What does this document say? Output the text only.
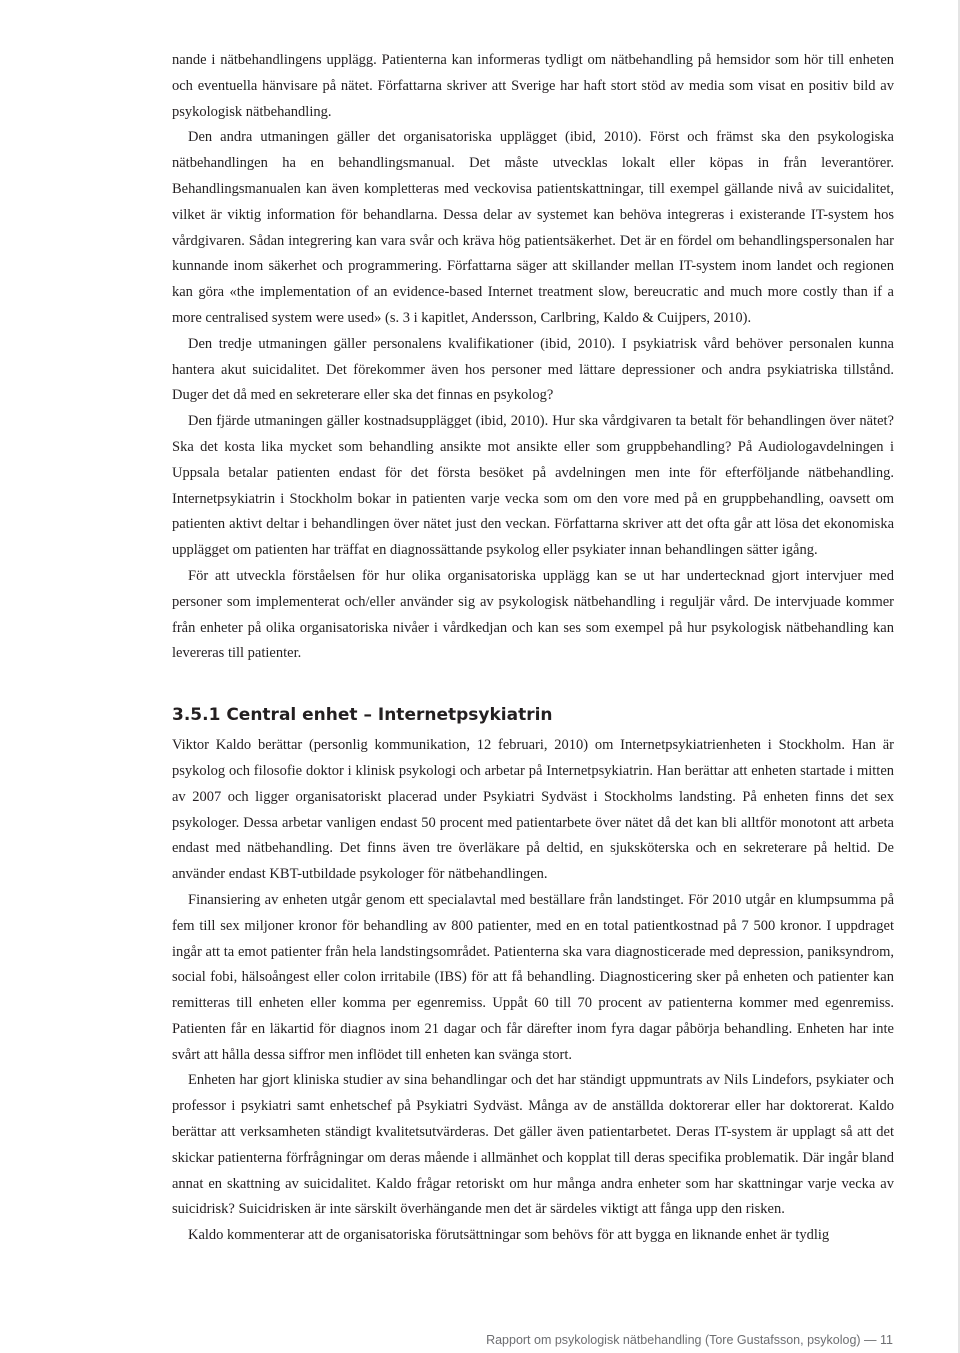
nande i nätbehandlingens upplägg. Patienterna kan informeras tydligt om nätbehandling på hemsidor som hör till enheten och eventuella hänvisare på nätet. Författarna skriver att Sverige har haft stort stöd av media som visat en positiv bild av psykologisk nätbehandling.

Den andra utmaningen gäller det organisatoriska upplägget (ibid, 2010). Först och främst ska den psykologiska nätbehandlingen ha en behandlingsmanual. Det måste utvecklas lokalt eller köpas in från leverantörer. Behandlingsmanualen kan även kompletteras med veckovisa patientskattningar, till exempel gällande nivå av suicidalitet, vilket är viktig information för behandlarna. Dessa delar av systemet kan behöva integreras i existerande IT-system hos vårdgivaren. Sådan integrering kan vara svår och kräva hög patientsäkerhet. Det är en fördel om behandlingspersonalen har kunnande inom säkerhet och programmering. Författarna säger att skillander mellan IT-system inom landet och regionen kan göra «the implementation of an evidence-based Internet treatment slow, bereucratic and much more costly than if a more centralised system were used» (s. 3 i kapitlet, Andersson, Carlbring, Kaldo & Cuijpers, 2010).

Den tredje utmaningen gäller personalens kvalifikationer (ibid, 2010). I psykiatrisk vård behöver personalen kunna hantera akut suicidalitet. Det förekommer även hos personer med lättare depressioner och andra psykiatriska tillstånd. Duger det då med en sekreterare eller ska det finnas en psykolog?

Den fjärde utmaningen gäller kostnadsupplägget (ibid, 2010). Hur ska vårdgivaren ta betalt för behandlingen över nätet? Ska det kosta lika mycket som behandling ansikte mot ansikte eller som gruppbehandling? På Audiologavdelningen i Uppsala betalar patienten endast för det första besöket på avdelningen men inte för efterföljande nätbehandling. Internetpsykiatrin i Stockholm bokar in patienten varje vecka som om den vore med på en gruppbehandling, oavsett om patienten aktivt deltar i behandlingen över nätet just den veckan. Författarna skriver att det ofta går att lösa det ekonomiska upplägget om patienten har träffat en diagnossättande psykolog eller psykiater innan behandlingen sätter igång.

För att utveckla förståelsen för hur olika organisatoriska upplägg kan se ut har undertecknad gjort intervjuer med personer som implementerat och/eller använder sig av psykologisk nätbehandling i reguljär vård. De intervjuade kommer från enheter på olika organisatoriska nivåer i vårdkedjan och kan ses som exempel på hur psykologisk nätbehandling kan levereras till patienter.

3.5.1 Central enhet – Internetpsykiatrin

Viktor Kaldo berättar (personlig kommunikation, 12 februari, 2010) om Internetpsykiatrienheten i Stockholm. Han är psykolog och filosofie doktor i klinisk psykologi och arbetar på Internetpsykiatrin. Han berättar att enheten startade i mitten av 2007 och ligger organisatoriskt placerad under Psykiatri Sydväst i Stockholms landsting. På enheten finns det sex psykologer. Dessa arbetar vanligen endast 50 procent med patientarbete över nätet då det kan bli alltför monotont att arbeta endast med nätbehandling. Det finns även tre överläkare på deltid, en sjuksköterska och en sekreterare på heltid. De använder endast KBT-utbildade psykologer för nätbehandlingen.

Finansiering av enheten utgår genom ett specialavtal med beställare från landstinget. För 2010 utgår en klumpsumma på fem till sex miljoner kronor för behandling av 800 patienter, med en en total patientkostnad på 7 500 kronor. I uppdraget ingår att ta emot patienter från hela landstingsområdet. Patienterna ska vara diagnosticerade med depression, paniksyndrom, social fobi, hälsoångest eller colon irritabile (IBS) för att få behandling. Diagnosticering sker på enheten och patienter kan remitteras till enheten eller komma per egenremiss. Uppåt 60 till 70 procent av patienterna kommer med egenremiss. Patienten får en läkartid för diagnos inom 21 dagar och får därefter inom fyra dagar påbörja behandling. Enheten har inte svårt att hålla dessa siffror men inflödet till enheten kan svänga stort.

Enheten har gjort kliniska studier av sina behandlingar och det har ständigt uppmuntrats av Nils Lindefors, psykiater och professor i psykiatri samt enhetschef på Psykiatri Sydväst. Många av de anställda doktorerar eller har doktorerat. Kaldo berättar att verksamheten ständigt kvalitetsutvärderas. Det gäller även patientarbetet. Deras IT-system är upplagt så att det skickar patienterna förfrågningar om deras mående i allmänhet och kopplat till deras specifika problematik. Där ingår bland annat en skattning av suicidalitet. Kaldo frågar retoriskt om hur många andra enheter som har skattningar varje vecka av suicidrisk? Suicidrisken är inte särskilt överhängande men det är särdeles viktigt att fånga upp den risken.

Kaldo kommenterar att de organisatoriska förutsättningar som behövs för att bygga en liknande enhet är tydlig

Rapport om psykologisk nätbehandling (Tore Gustafsson, psykolog) — 11
